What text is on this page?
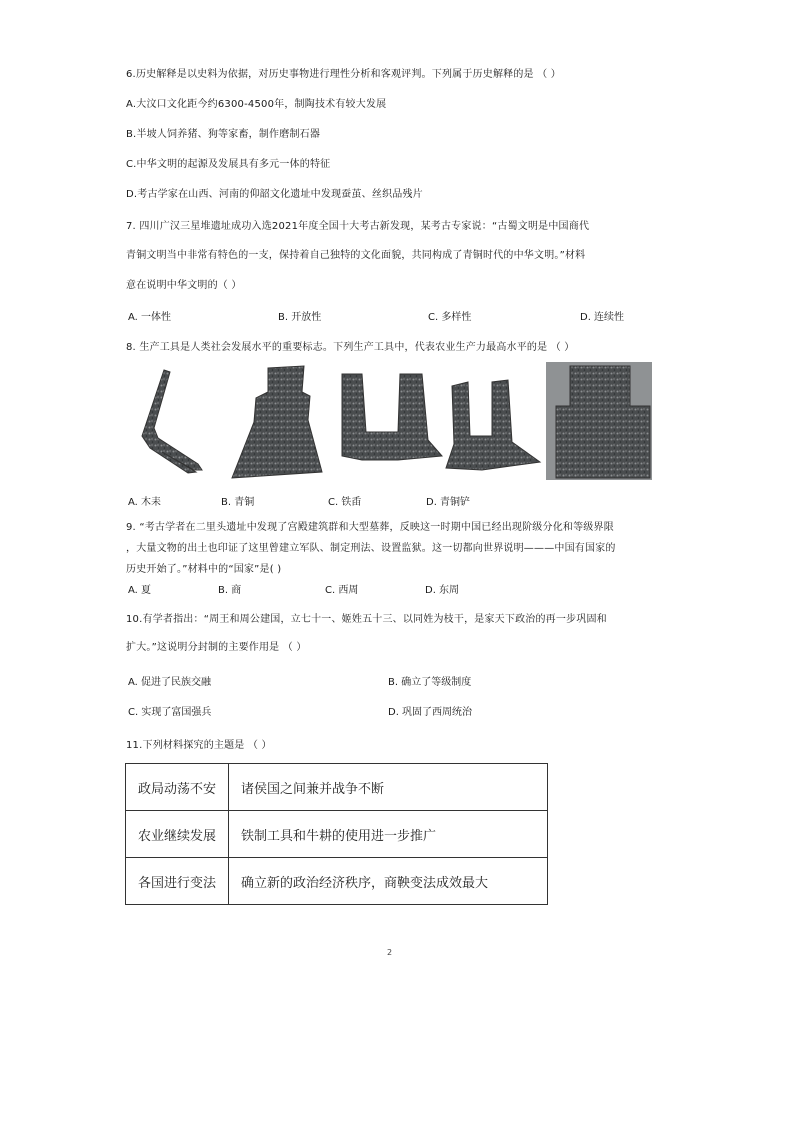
6.历史解释是以史料为依据，对历史事物进行理性分析和客观评判。下列属于历史解释的是 （ ）
A.大汶口文化距今约6300-4500年，制陶技术有较大发展
B.半坡人饲养猪、狗等家畜，制作磨制石器
C.中华文明的起源及发展具有多元一体的特征
D.考古学家在山西、河南的仰韶文化遗址中发现蚕茧、丝织品残片
7. 四川广汉三星堆遗址成功入选2021年度全国十大考古新发现，某考古专家说：“古蜀文明是中国商代
青铜文明当中非常有特色的一支，保持着自己独特的文化面貌，共同构成了青铜时代的中华文明。”材料
意在说明中华文明的（ ）
A. 一体性	B. 开放性	C. 多样性	D. 连续性
8. 生产工具是人类社会发展水平的重要标志。下列生产工具中，代表农业生产力最高水平的是 （ ）
A. 木耒	B. 青铜	C. 铁臿	D. 青铜铲
9. “考古学者在二里头遗址中发现了宫殿建筑群和大型墓葬，反映这一时期中国已经出现阶级分化和等级界限
，大量文物的出土也印证了这里曾建立军队、制定刑法、设置监狱。这一切都向世界说明———中国有国家的
历史开始了。”材料中的“国家”是( )
A. 夏	B. 商	C. 西周	D. 东周
10.有学者指出：“周王和周公建国，立七十一、姬姓五十三、以同姓为枝干，是家天下政治的再一步巩固和
扩大。”这说明分封制的主要作用是 （ ）
A. 促进了民族交融	B. 确立了等级制度
C. 实现了富国强兵	D. 巩固了西周统治
11.下列材料探究的主题是 （ ）
政局动荡不安	诸侯国之间兼并战争不断
农业继续发展	铁制工具和牛耕的使用进一步推广
各国进行变法	确立新的政治经济秩序，商鞅变法成效最大
2
